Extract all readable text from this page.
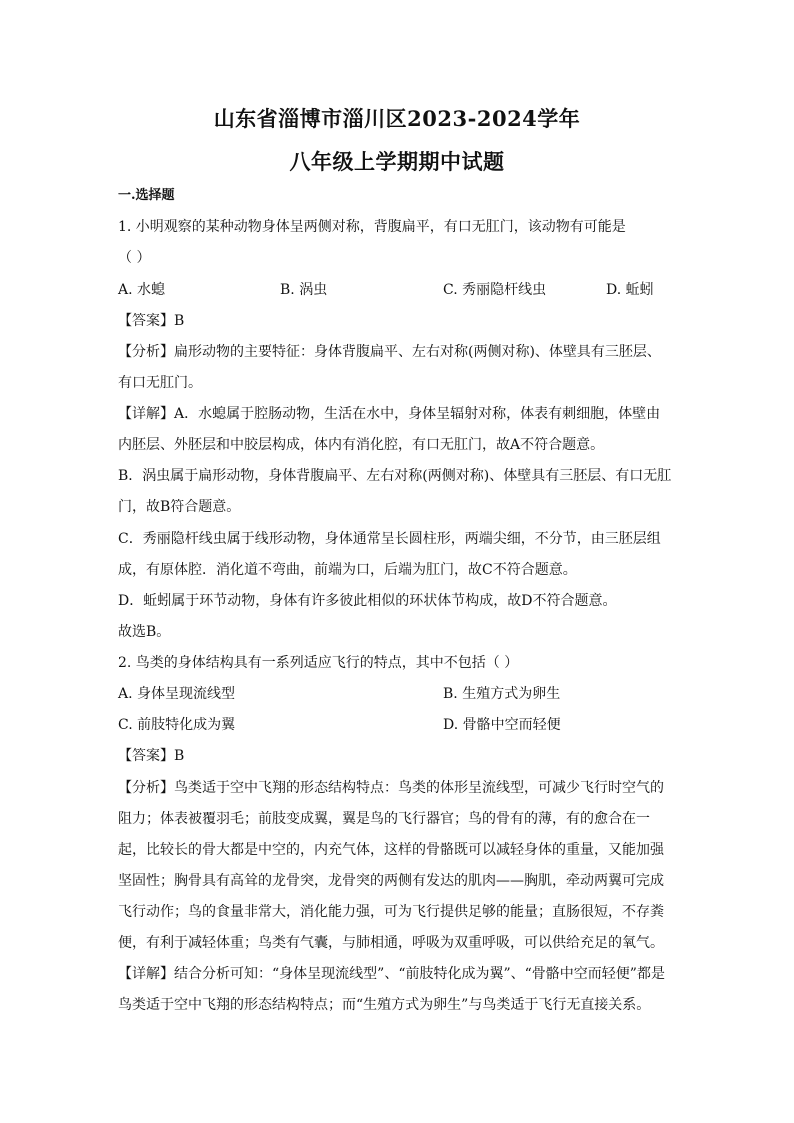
山东省淄博市淄川区2023-2024学年
八年级上学期期中试题
一.选择题
1. 小明观察的某种动物身体呈两侧对称，背腹扁平，有口无肛门，该动物有可能是
（ ）
A. 水螅	B. 涡虫	C. 秀丽隐杆线虫	D. 蚯蚓
【答案】B
【分析】扁形动物的主要特征：身体背腹扁平、左右对称(两侧对称)、体壁具有三胚层、
有口无肛门。
【详解】A．水螅属于腔肠动物，生活在水中，身体呈辐射对称，体表有刺细胞，体壁由
内胚层、外胚层和中胶层构成，体内有消化腔，有口无肛门，故A不符合题意。
B．涡虫属于扁形动物，身体背腹扁平、左右对称(两侧对称)、体壁具有三胚层、有口无肛
门，故B符合题意。
C．秀丽隐杆线虫属于线形动物，身体通常呈长圆柱形，两端尖细，不分节，由三胚层组
成，有原体腔．消化道不弯曲，前端为口，后端为肛门，故C不符合题意。
D．蚯蚓属于环节动物，身体有许多彼此相似的环状体节构成，故D不符合题意。
故选B。
2. 鸟类的身体结构具有一系列适应飞行的特点，其中不包括（ ）
A. 身体呈现流线型	B. 生殖方式为卵生
C. 前肢特化成为翼	D. 骨骼中空而轻便
【答案】B
【分析】鸟类适于空中飞翔的形态结构特点：鸟类的体形呈流线型，可减少飞行时空气的
阻力；体表被覆羽毛；前肢变成翼，翼是鸟的飞行器官；鸟的骨有的薄，有的愈合在一
起，比较长的骨大都是中空的，内充气体，这样的骨骼既可以减轻身体的重量，又能加强
坚固性；胸骨具有高耸的龙骨突，龙骨突的两侧有发达的肌肉——胸肌，牵动两翼可完成
飞行动作；鸟的食量非常大，消化能力强，可为飞行提供足够的能量；直肠很短，不存粪
便，有利于减轻体重；鸟类有气囊，与肺相通，呼吸为双重呼吸，可以供给充足的氧气。
【详解】结合分析可知：“身体呈现流线型”、“前肢特化成为翼”、“骨骼中空而轻便”都是
鸟类适于空中飞翔的形态结构特点；而“生殖方式为卵生”与鸟类适于飞行无直接关系。
